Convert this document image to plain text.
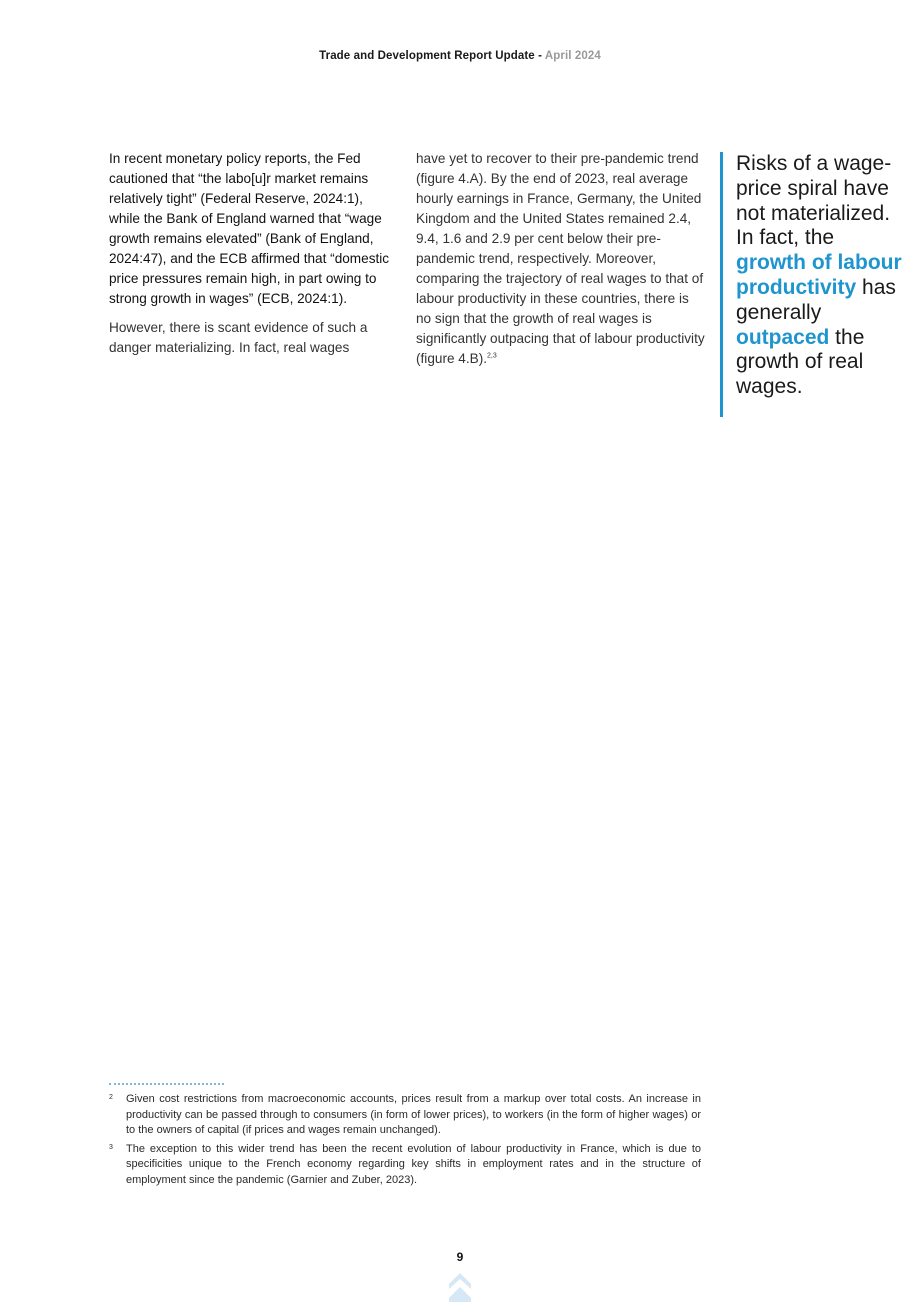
Trade and Development Report Update - April 2024

In recent monetary policy reports, the Fed cautioned that “the labo[u]r market remains relatively tight” (Federal Reserve, 2024:1), while the Bank of England warned that “wage growth remains elevated” (Bank of England, 2024:47), and the ECB affirmed that “domestic price pressures remain high, in part owing to strong growth in wages” (ECB, 2024:1).

However, there is scant evidence of such a danger materializing. In fact, real wages

have yet to recover to their pre-pandemic trend (figure 4.A). By the end of 2023, real average hourly earnings in France, Germany, the United Kingdom and the United States remained 2.4, 9.4, 1.6 and 2.9 per cent below their pre-pandemic trend, respectively. Moreover, comparing the trajectory of real wages to that of labour productivity in these countries, there is no sign that the growth of real wages is significantly outpacing that of labour productivity (figure 4.B).$^{2,3}$

Risks of a wage-price spiral have not materialized. In fact, the growth of labour productivity has generally outpaced the growth of real wages.
2 Given cost restrictions from macroeconomic accounts, prices result from a markup over total costs. An increase in productivity can be passed through to consumers (in form of lower prices), to workers (in the form of higher wages) or to the owners of capital (if prices and wages remain unchanged).
3 The exception to this wider trend has been the recent evolution of labour productivity in France, which is due to specificities unique to the French economy regarding key shifts in employment rates and in the structure of employment since the pandemic (Garnier and Zuber, 2023).
9
